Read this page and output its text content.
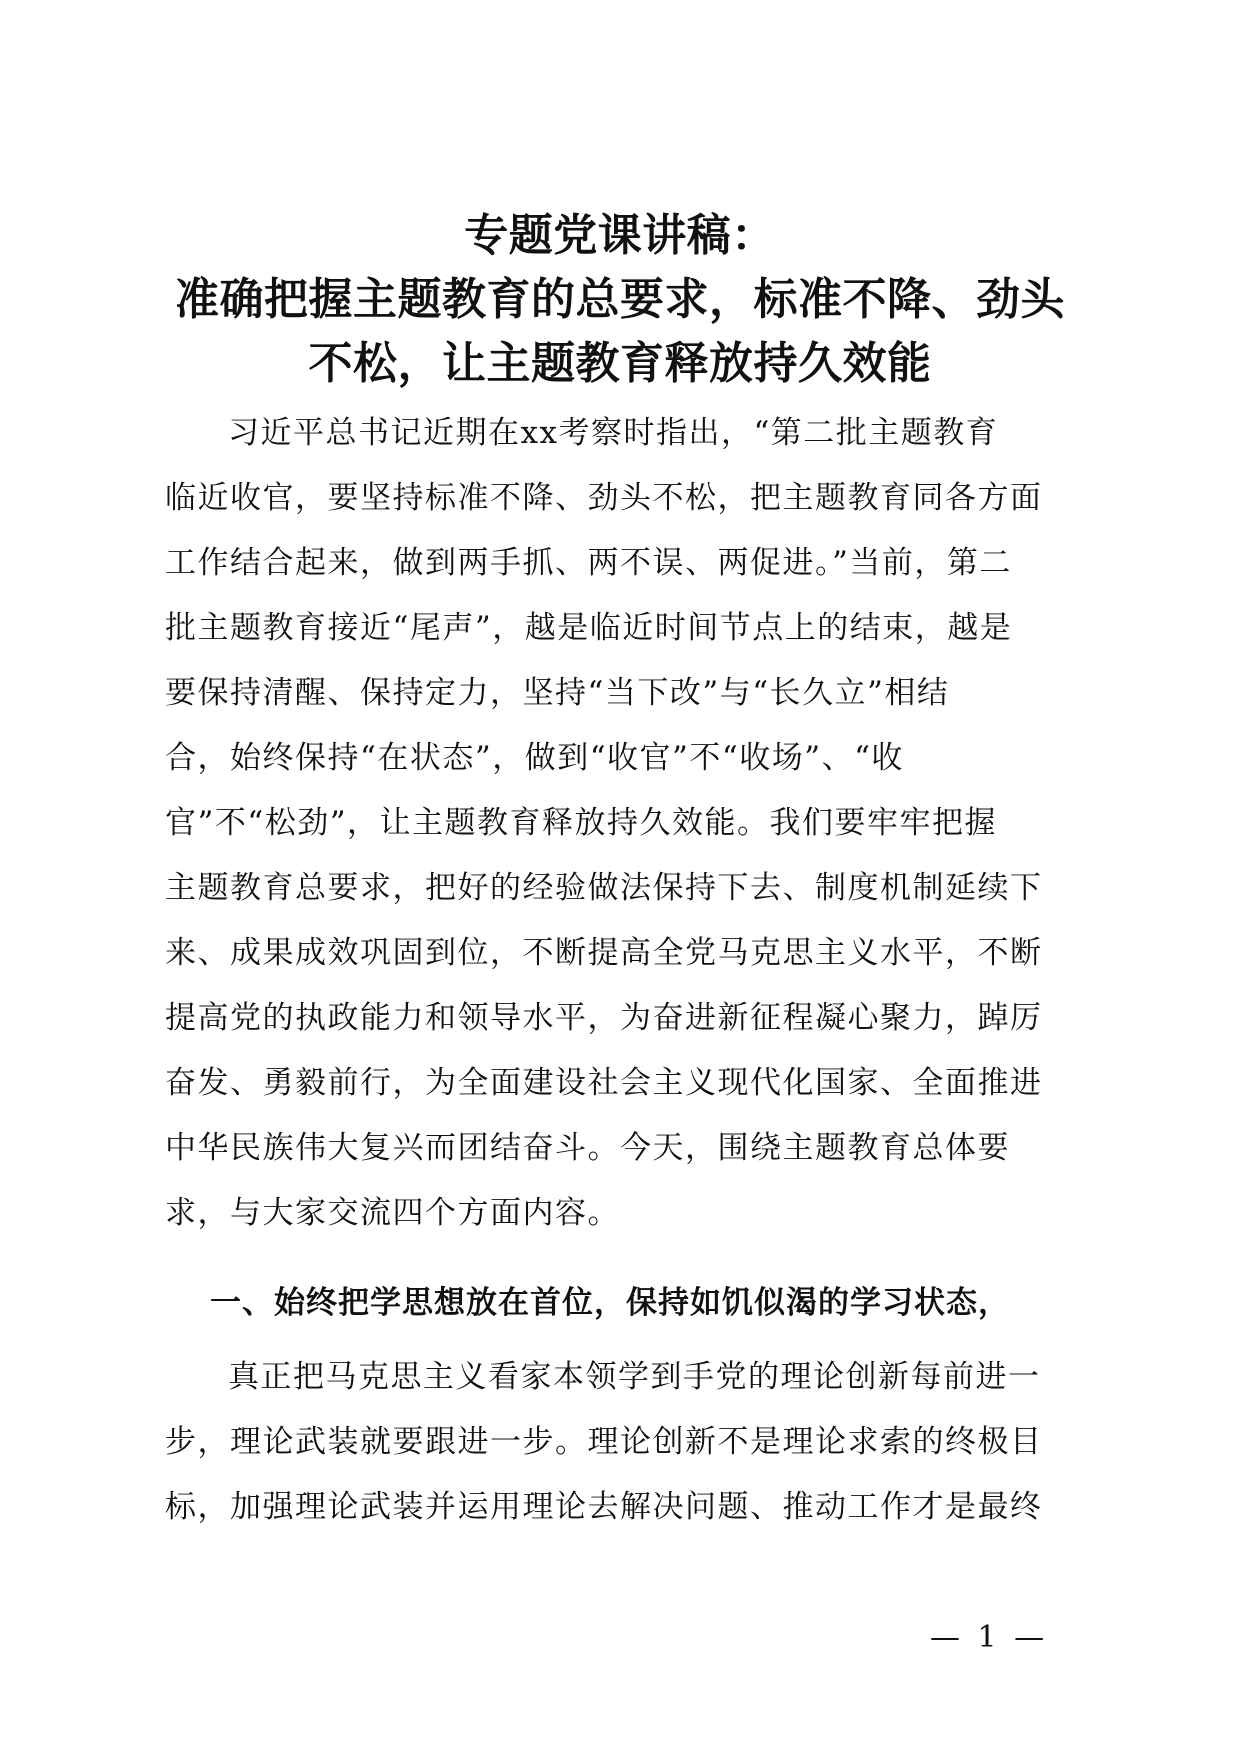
专题党课讲稿：
准确把握主题教育的总要求，标准不降、劲头
不松，让主题教育释放持久效能

习近平总书记近期在xx考察时指出，“第二批主题教育

临近收官，要坚持标准不降、劲头不松，把主题教育同各方面

工作结合起来，做到两手抓、两不误、两促进。”当前，第二

批主题教育接近“尾声”，越是临近时间节点上的结束，越是

要保持清醒、保持定力，坚持“当下改”与“长久立”相结

合，始终保持“在状态”，做到“收官”不“收场”、“收

官”不“松劲”，让主题教育释放持久效能。我们要牢牢把握

主题教育总要求，把好的经验做法保持下去、制度机制延续下

来、成果成效巩固到位，不断提高全党马克思主义水平，不断

提高党的执政能力和领导水平，为奋进新征程凝心聚力，踔厉

奋发、勇毅前行，为全面建设社会主义现代化国家、全面推进

中华民族伟大复兴而团结奋斗。今天，围绕主题教育总体要

求，与大家交流四个方面内容。

一、始终把学思想放在首位，保持如饥似渴的学习状态，

真正把马克思主义看家本领学到手党的理论创新每前进一

步，理论武装就要跟进一步。理论创新不是理论求索的终极目

标，加强理论武装并运用理论去解决问题、推动工作才是最终

— 1 —
